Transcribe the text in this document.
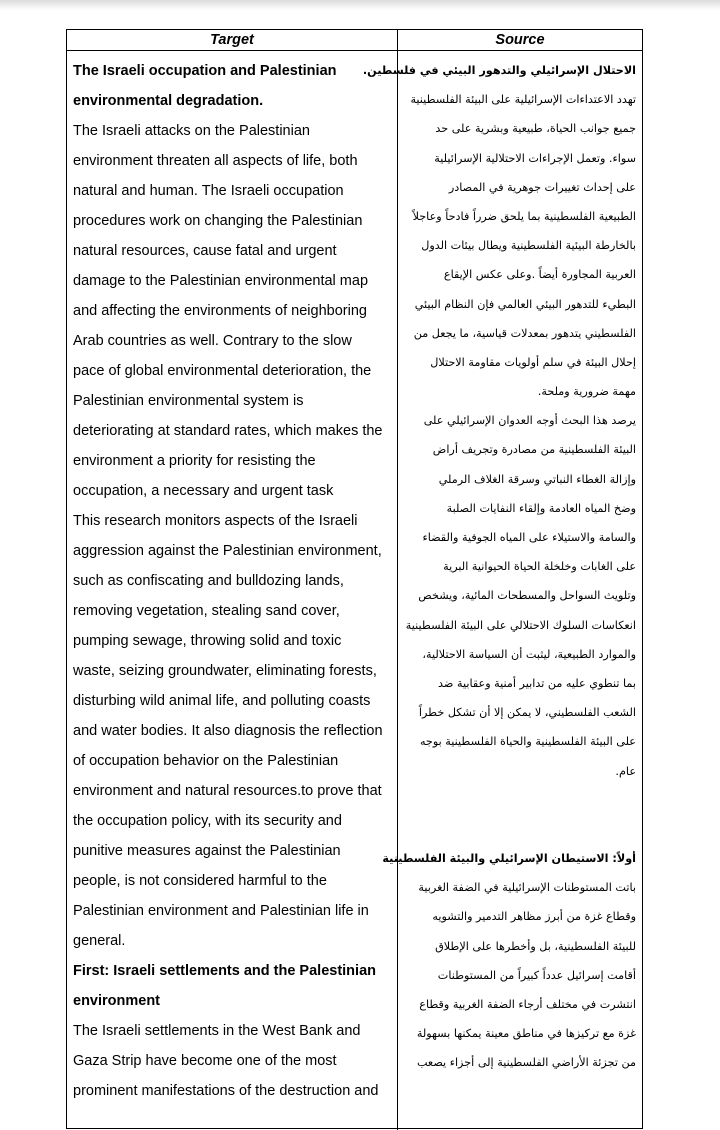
Target	Source
The Israeli occupation and Palestinian
environmental degradation.
The Israeli attacks on the Palestinian
environment threaten all aspects of life, both
natural and human. The Israeli occupation
procedures work on changing the Palestinian
natural resources, cause fatal and urgent
damage to the Palestinian environmental map
and affecting the environments of neighboring
Arab countries as well. Contrary to the slow
pace of global environmental deterioration, the
Palestinian environmental system is
deteriorating at standard rates, which makes the
environment a priority for resisting the
occupation, a necessary and urgent task
This research monitors aspects of the Israeli
aggression against the Palestinian environment,
such as confiscating and bulldozing lands,
removing vegetation, stealing sand cover,
pumping sewage, throwing solid and toxic
waste, seizing groundwater, eliminating forests,
disturbing wild animal life, and polluting coasts
and water bodies. It also diagnosis the reflection
of occupation behavior on the Palestinian
environment and natural resources.to prove that
the occupation policy, with its security and
punitive measures against the Palestinian
people, is not considered harmful to the
Palestinian environment and Palestinian life in
general.
First: Israeli settlements and the Palestinian
environment
The Israeli settlements in the West Bank and
Gaza Strip have become one of the most
prominent manifestations of the destruction and
الاحتلال الإسرائيلي والتدهور البيئي في فلسطين.
تهدد الاعتداءات الإسرائيلية على البيئة الفلسطينية
جميع جوانب الحياة، طبيعية وبشرية على حد
سواء. وتعمل الإجراءات الاحتلالية الإسرائيلية
على إحداث تغييرات جوهرية في المصادر
الطبيعية الفلسطينية بما يلحق ضرراً فادحاً وعاجلاً
بالخارطة البيئية الفلسطينية ويطال بيئات الدول
العربية المجاورة أيضاً .وعلى عكس الإيقاع
البطيء للتدهور البيئي العالمي فإن النظام البيئي
الفلسطيني يتدهور بمعدلات قياسية، ما يجعل من
إحلال البيئة في سلم أولويات مقاومة الاحتلال
مهمة ضرورية وملحة.
يرصد هذا البحث أوجه العدوان الإسرائيلي على
البيئة الفلسطينية من مصادرة وتجريف أراض
وإزالة الغطاء النباتي وسرقة الغلاف الرملي
وضخ المياه العادمة وإلقاء النفايات الصلبة
والسامة والاستيلاء على المياه الجوفية والقضاء
على الغابات وخلخلة الحياة الحيوانية البرية
وتلويث السواحل والمسطحات المائية، ويشخص
انعكاسات السلوك الاحتلالي على البيئة الفلسطينية
والموارد الطبيعية، ليثبت أن السياسة الاحتلالية،
بما تنطوي عليه من تدابير أمنية وعقابية ضد
الشعب الفلسطيني، لا يمكن إلا أن تشكل خطراً
على البيئة الفلسطينية والحياة الفلسطينية بوجه
عام.
أولاً: الاستيطان الإسرائيلي والبيئة الفلسطينية
باتت المستوطنات الإسرائيلية في الضفة الغربية
وقطاع غزة من أبرز مظاهر التدمير والتشويه
للبيئة الفلسطينية، بل وأخطرها على الإطلاق
أقامت إسرائيل عدداً كبيراً من المستوطنات
انتشرت في مختلف أرجاء الضفة الغربية وقطاع
غزة مع تركيزها في مناطق معينة يمكنها بسهولة
من تجزئة الأراضي الفلسطينية إلى أجزاء يصعب
